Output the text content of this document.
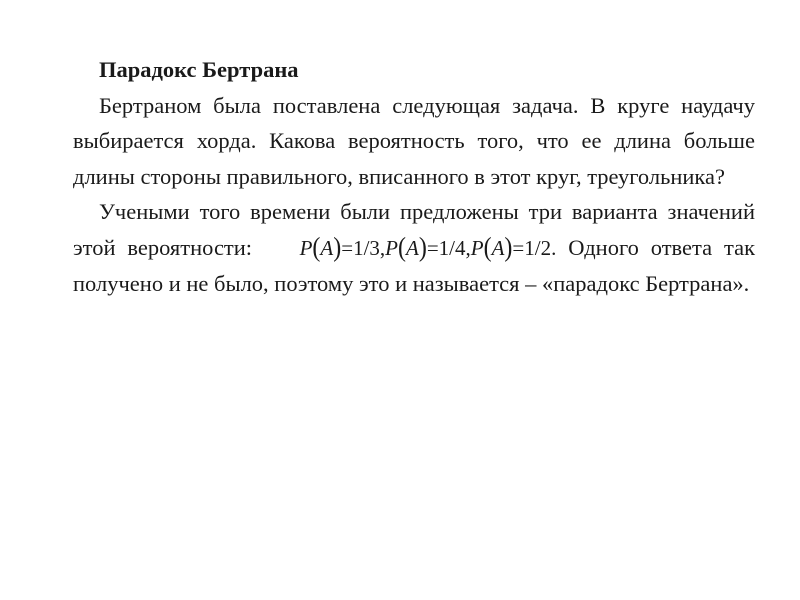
Парадокс Бертрана

Бертраном была поставлена следующая задача. В круге наудачу выбирается хорда. Какова вероятность того, что ее длина больше длины стороны правильного, вписанного в этот круг, треугольника?

Учеными того времени были предложены три варианта значений этой вероятности: P(A)=1/3,P(A)=1/4,P(A)=1/2. Одного ответа так получено и не было, поэтому это и называется – «парадокс Бертрана».
